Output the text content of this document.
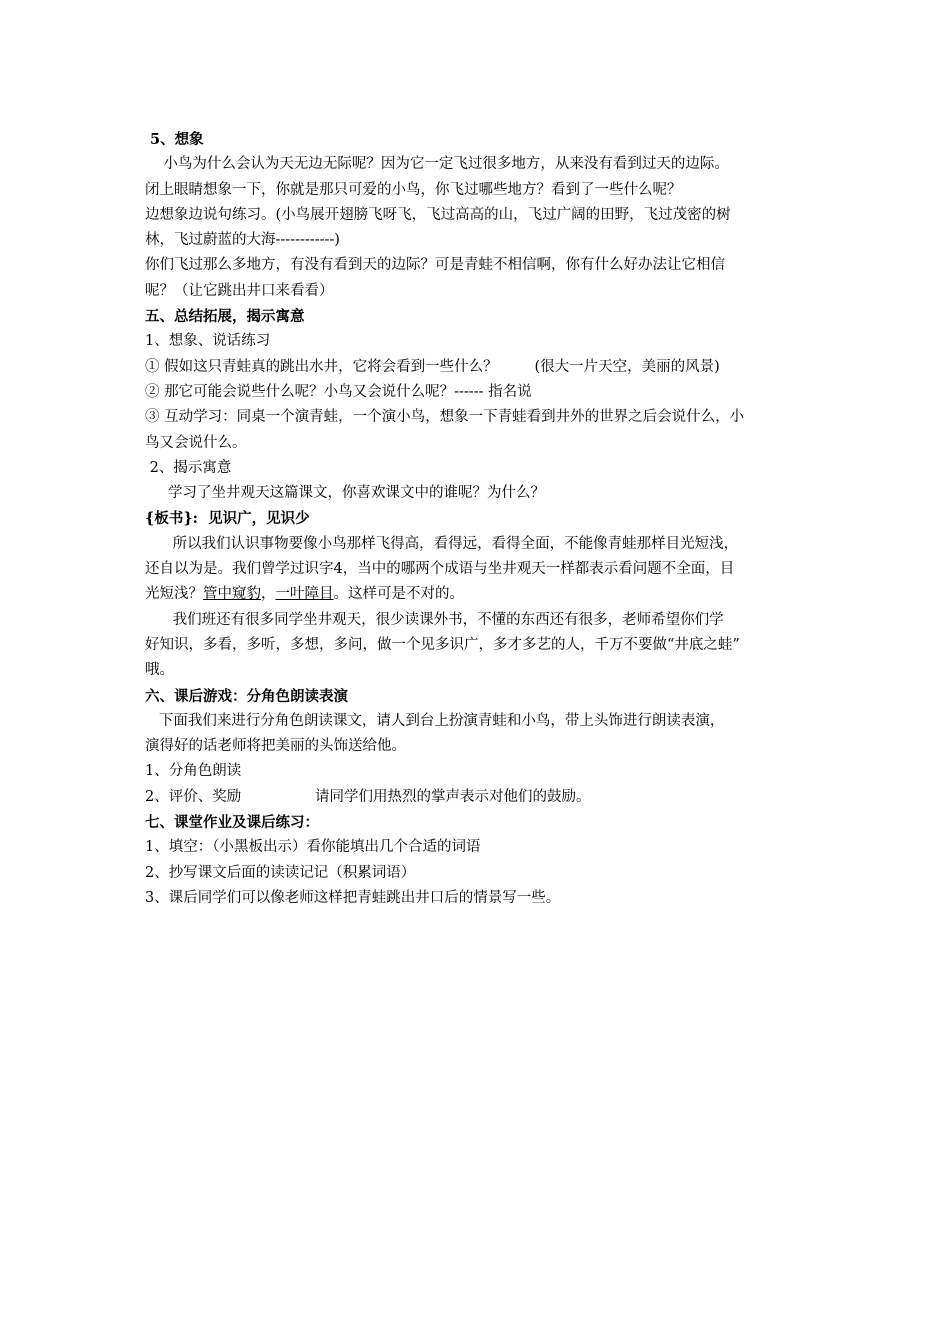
5、想象
小鸟为什么会认为天无边无际呢？因为它一定飞过很多地方，从来没有看到过天的边际。
闭上眼睛想象一下，你就是那只可爱的小鸟，你飞过哪些地方？看到了一些什么呢？
边想象边说句练习。(小鸟展开翅膀飞呀飞，飞过高高的山，飞过广阔的田野，飞过茂密的树
林，飞过蔚蓝的大海------------)
你们飞过那么多地方，有没有看到天的边际？可是青蛙不相信啊，你有什么好办法让它相信
呢？（让它跳出井口来看看）
五、总结拓展，揭示寓意
1、想象、说话练习
① 假如这只青蛙真的跳出水井，它将会看到一些什么？        (很大一片天空，美丽的风景)
② 那它可能会说些什么呢？小鸟又会说什么呢？------ 指名说
③ 互动学习：同桌一个演青蛙，一个演小鸟，想象一下青蛙看到井外的世界之后会说什么，小
鸟又会说什么。
2、揭示寓意
学习了坐井观天这篇课文，你喜欢课文中的谁呢？为什么？
{板书}:  见识广，见识少
所以我们认识事物要像小鸟那样飞得高，看得远，看得全面，不能像青蛙那样目光短浅，
还自以为是。我们曾学过识字4，当中的哪两个成语与坐井观天一样都表示看问题不全面，目
光短浅？管中窥豹，一叶障目。这样可是不对的。
我们班还有很多同学坐井观天，很少读课外书，不懂的东西还有很多，老师希望你们学
好知识，多看，多听，多想，多问，做一个见多识广，多才多艺的人，千万不要做“井底之蛙”
哦。
六、课后游戏：分角色朗读表演
下面我们来进行分角色朗读课文，请人到台上扮演青蛙和小鸟，带上头饰进行朗读表演，
演得好的话老师将把美丽的头饰送给他。
1、分角色朗读
2、评价、奖励                请同学们用热烈的掌声表示对他们的鼓励。
七、课堂作业及课后练习：
1、填空：（小黑板出示）看你能填出几个合适的词语
2、抄写课文后面的读读记记（积累词语）
3、课后同学们可以像老师这样把青蛙跳出井口后的情景写一些。
